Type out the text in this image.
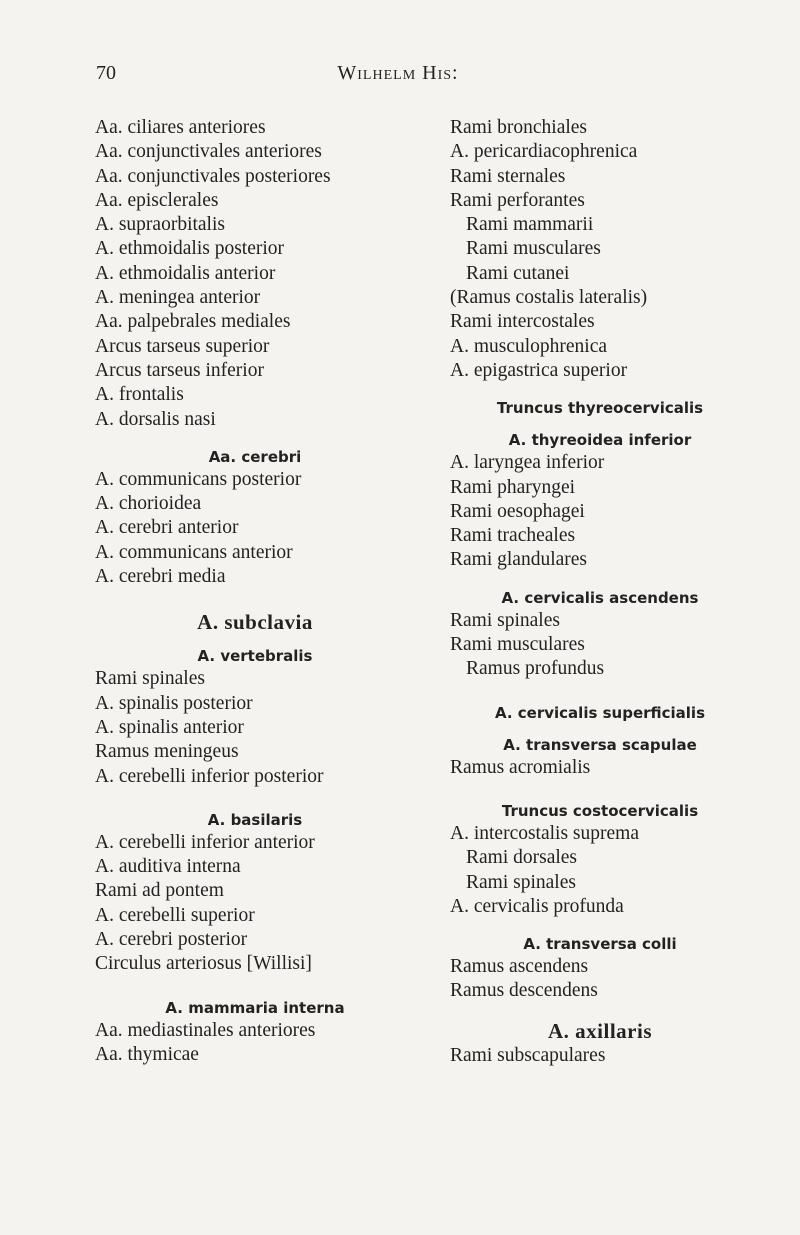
70	Wilhelm His:
Aa. ciliares anteriores
Aa. conjunctivales anteriores
Aa. conjunctivales posteriores
Aa. episclerales
A. supraorbitalis
A. ethmoidalis posterior
A. ethmoidalis anterior
A. meningea anterior
Aa. palpebrales mediales
Arcus tarseus superior
Arcus tarseus inferior
A. frontalis
A. dorsalis nasi
Aa. cerebri
A. communicans posterior
A. chorioidea
A. cerebri anterior
A. communicans anterior
A. cerebri media
A. subclavia
A. vertebralis
Rami spinales
A. spinalis posterior
A. spinalis anterior
Ramus meningeus
A. cerebelli inferior posterior
A. basilaris
A. cerebelli inferior anterior
A. auditiva interna
Rami ad pontem
A. cerebelli superior
A. cerebri posterior
Circulus arteriosus [Willisi]
A. mammaria interna
Aa. mediastinales anteriores
Aa. thymicae
Rami bronchiales
A. pericardiacophrenica
Rami sternales
Rami perforantes
Rami mammarii
Rami musculares
Rami cutanei
(Ramus costalis lateralis)
Rami intercostales
A. musculophrenica
A. epigastrica superior
Truncus thyreocervicalis
A. thyreoidea inferior
A. laryngea inferior
Rami pharyngei
Rami oesophagei
Rami tracheales
Rami glandulares
A. cervicalis ascendens
Rami spinales
Rami musculares
Ramus profundus
A. cervicalis superficialis
A. transversa scapulae
Ramus acromialis
Truncus costocervicalis
A. intercostalis suprema
Rami dorsales
Rami spinales
A. cervicalis profunda
A. transversa colli
Ramus ascendens
Ramus descendens
A. axillaris
Rami subscapulares
